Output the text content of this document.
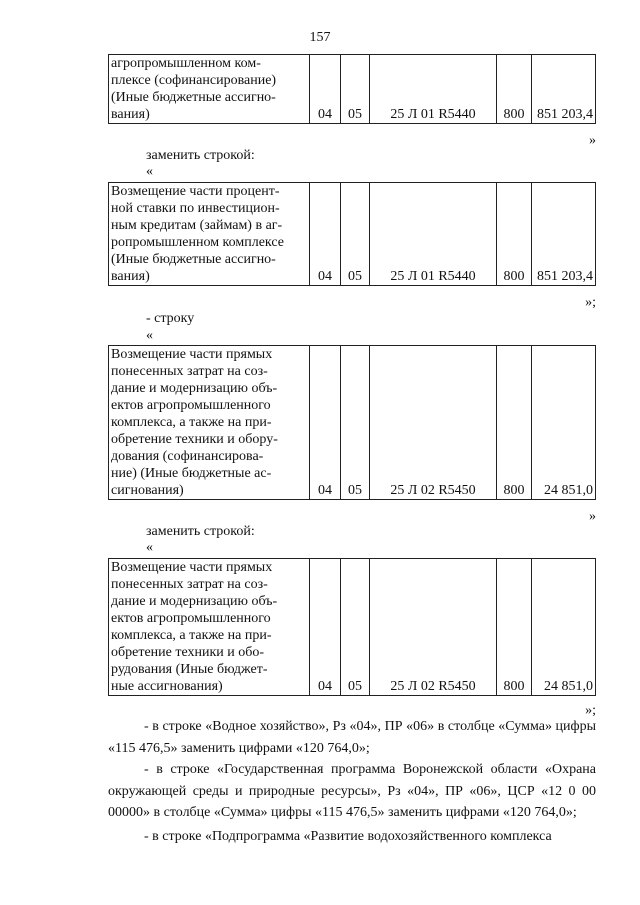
157
агропромышленном ком-
плексе (софинансирование)
(Иные бюджетные ассигно-
вания)	04	05	25 Л 01 R5440	800	851 203,4
»
заменить строкой:
«
Возмещение части процент-
ной ставки по инвестицион-
ным кредитам (займам) в аг-
ропромышленном комплексе
(Иные бюджетные ассигно-
вания)	04	05	25 Л 01 R5440	800	851 203,4
»;
- строку
«
Возмещение части прямых
понесенных затрат на соз-
дание и модернизацию объ-
ектов агропромышленного
комплекса, а также на при-
обретение техники и обору-
дования (софинансирова-
ние) (Иные бюджетные ас-
сигнования)	04	05	25 Л 02 R5450	800	24 851,0
»
заменить строкой:
«
Возмещение части прямых
понесенных затрат на соз-
дание и модернизацию объ-
ектов агропромышленного
комплекса, а также на при-
обретение техники и обо-
рудования (Иные бюджет-
ные ассигнования)	04	05	25 Л 02 R5450	800	24 851,0
»;
- в строке «Водное хозяйство», Рз «04», ПР «06» в столбце «Сумма» цифры «115 476,5» заменить цифрами «120 764,0»;
- в строке «Государственная программа Воронежской области «Охрана окружающей среды и природные ресурсы», Рз «04», ПР «06», ЦСР «12 0 00 00000» в столбце «Сумма» цифры «115 476,5» заменить цифрами «120 764,0»;
- в строке «Подпрограмма «Развитие водохозяйственного комплекса
